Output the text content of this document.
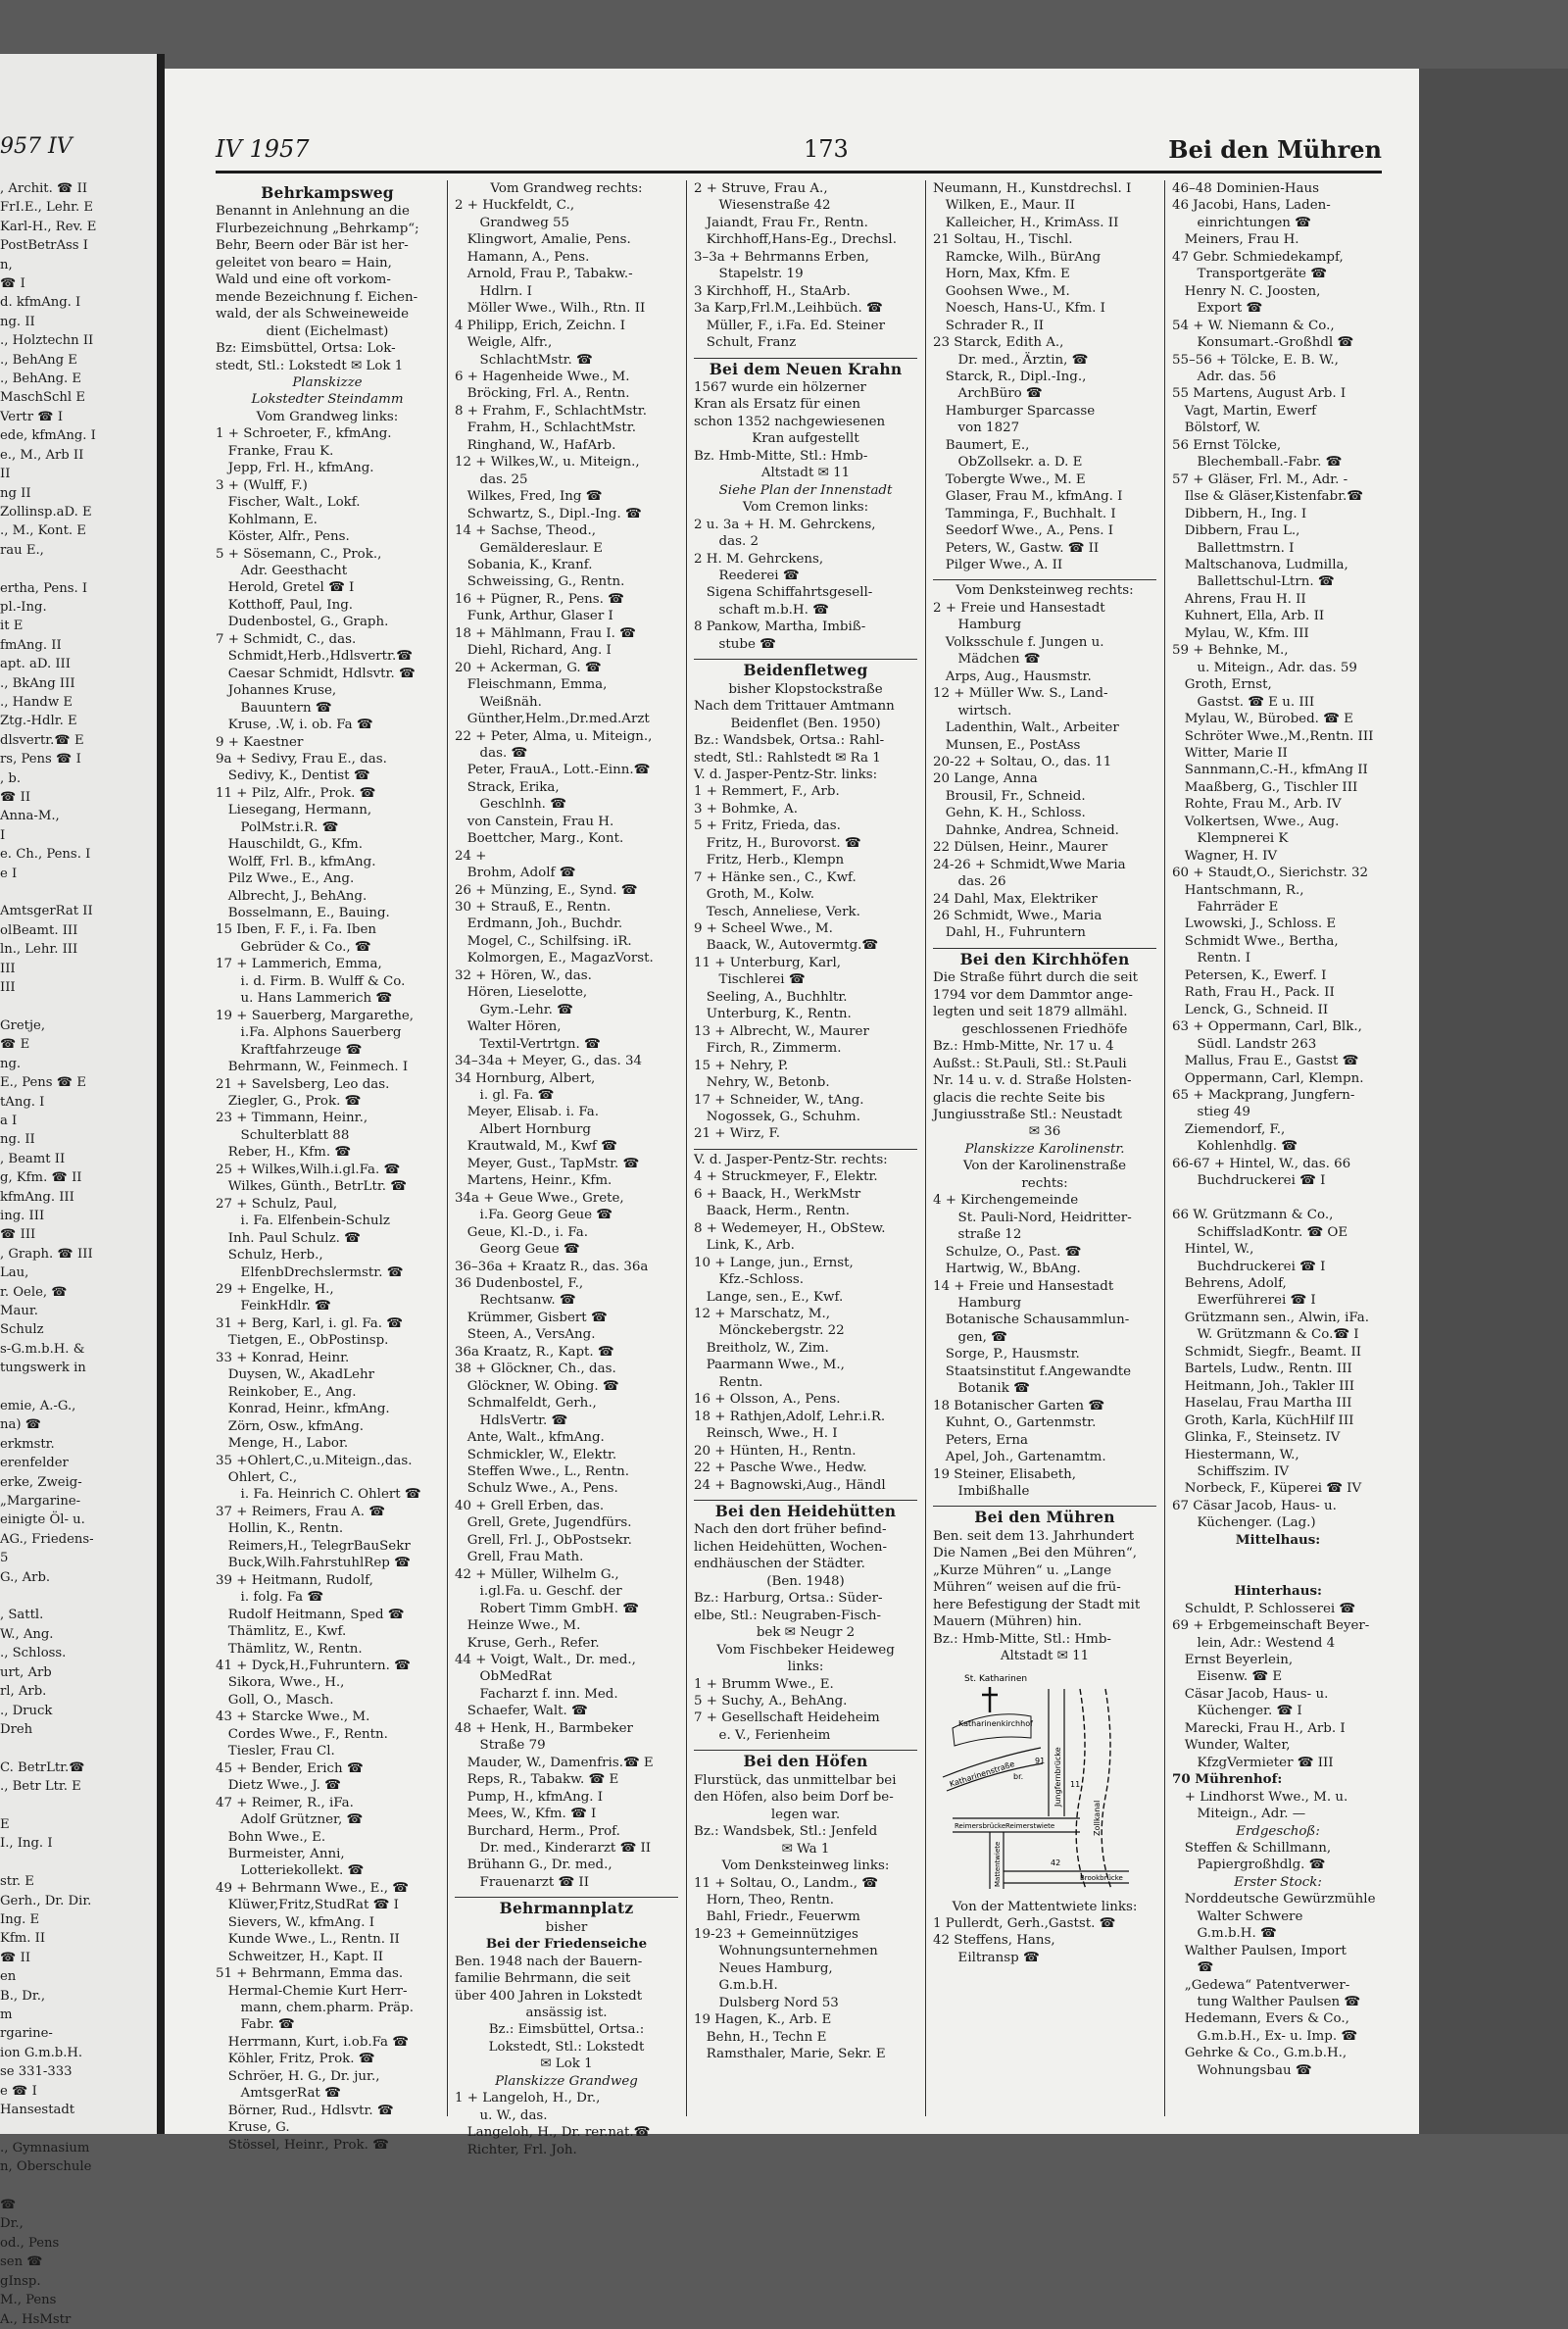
957 IV
, Archit. ☎ II
FrI.E., Lehr. E
Karl-H., Rev. E
PostBetrAss I
n,
☎ I
d. kfmAng. I
ng. II
., Holztechn II
., BehAng E
., BehAng. E
MaschSchl E
Vertr ☎ I
ede, kfmAng. I
e., M., Arb II
II
ng II
Zollinsp.aD. E
., M., Kont. E
rau E.,

ertha, Pens. I
pl.-Ing.
it E
fmAng. II
apt. aD. III
., BkAng III
., Handw E
Ztg.-Hdlr. E
dlsvertr.☎ E
rs, Pens ☎ I
, b.
☎ II
Anna-M.,
I
e. Ch., Pens. I
e I

AmtsgerRat II
olBeamt. III
ln., Lehr. III
III
III

Gretje,
☎ E
ng.
E., Pens ☎ E
tAng. I
a I
ng. II
, Beamt II
g, Kfm. ☎ II
kfmAng. III
ing. III
☎ III
, Graph. ☎ III
Lau,
r. Oele, ☎
Maur.
Schulz
s-G.m.b.H. &
tungswerk in

emie, A.-G.,
na) ☎
erkmstr.
erenfelder
erke, Zweig-
„Margarine-
einigte Öl- u.
AG., Friedens-
5
G., Arb.

, Sattl.
W., Ang.
., Schloss.
urt, Arb
rl, Arb.
., Druck
Dreh

C. BetrLtr.☎
., Betr Ltr. E

E
I., Ing. I

str. E
Gerh., Dr. Dir.
Ing. E
Kfm. II
☎ II
en
B., Dr.,
m
rgarine-
ion G.m.b.H.
se 331-333
e ☎ I
Hansestadt

., Gymnasium
n, Oberschule

☎
Dr.,
od., Pens
sen ☎
gInsp.
M., Pens
A., HsMstr
IV 1957	173	Bei den Mühren
Behrkampsweg
Benannt in Anlehnung an die
Flurbezeichnung „Behrkamp“;
Behr, Beern oder Bär ist her-
geleitet von bearo = Hain,
Wald und eine oft vorkom-
mende Bezeichnung f. Eichen-
wald, der als Schweineweide
dient (Eichelmast)
Bz: Eimsbüttel, Ortsa: Lok-
stedt, Stl.: Lokstedt ✉ Lok 1
Planskizze
Lokstedter Steindamm
Vom Grandweg links:
1 + Schroeter, F., kfmAng.
Franke, Frau K.
Jepp, Frl. H., kfmAng.
3 + (Wulff, F.)
Fischer, Walt., Lokf.
Kohlmann, E.
Köster, Alfr., Pens.
5 + Sösemann, C., Prok.,
Adr. Geesthacht
Herold, Gretel ☎ I
Kotthoff, Paul, Ing.
Dudenbostel, G., Graph.
7 + Schmidt, C., das.
Schmidt,Herb.,Hdlsvertr.☎
Caesar Schmidt, Hdlsvtr. ☎
Johannes Kruse,
Bauuntern ☎
Kruse, .W, i. ob. Fa ☎
9 + Kaestner
9a + Sedivy, Frau E., das.
Sedivy, K., Dentist ☎
11 + Pilz, Alfr., Prok. ☎
Liesegang, Hermann,
PolMstr.i.R. ☎
Hauschildt, G., Kfm.
Wolff, Frl. B., kfmAng.
Pilz Wwe., E., Ang.
Albrecht, J., BehAng.
Bosselmann, E., Bauing.
15 Iben, F. F., i. Fa. Iben
Gebrüder & Co., ☎
17 + Lammerich, Emma,
i. d. Firm. B. Wulff & Co.
u. Hans Lammerich ☎
19 + Sauerberg, Margarethe,
i.Fa. Alphons Sauerberg
Kraftfahrzeuge ☎
Behrmann, W., Feinmech. I
21 + Savelsberg, Leo das.
Ziegler, G., Prok. ☎
23 + Timmann, Heinr.,
Schulterblatt 88
Reber, H., Kfm. ☎
25 + Wilkes,Wilh.i.gl.Fa. ☎
Wilkes, Günth., BetrLtr. ☎
27 + Schulz, Paul,
i. Fa. Elfenbein-Schulz
Inh. Paul Schulz. ☎
Schulz, Herb.,
ElfenbDrechslermstr. ☎
29 + Engelke, H.,
FeinkHdlr. ☎
31 + Berg, Karl, i. gl. Fa. ☎
Tietgen, E., ObPostinsp.
33 + Konrad, Heinr.
Duysen, W., AkadLehr
Reinkober, E., Ang.
Konrad, Heinr., kfmAng.
Zörn, Osw., kfmAng.
Menge, H., Labor.
35 +Ohlert,C.,u.Miteign.,das.
Ohlert, C.,
i. Fa. Heinrich C. Ohlert ☎
37 + Reimers, Frau A. ☎
Hollin, K., Rentn.
Reimers,H., TelegrBauSekr
Buck,Wilh.FahrstuhlRep ☎
39 + Heitmann, Rudolf,
i. folg. Fa ☎
Rudolf Heitmann, Sped ☎
Thämlitz, E., Kwf.
Thämlitz, W., Rentn.
41 + Dyck,H.,Fuhruntern. ☎
Sikora, Wwe., H.,
Goll, O., Masch.
43 + Starcke Wwe., M.
Cordes Wwe., F., Rentn.
Tiesler, Frau Cl.
45 + Bender, Erich ☎
Dietz Wwe., J. ☎
47 + Reimer, R., iFa.
Adolf Grützner, ☎
Bohn Wwe., E.
Burmeister, Anni,
Lotteriekollekt. ☎
49 + Behrmann Wwe., E., ☎
Klüwer,Fritz,StudRat ☎ I
Sievers, W., kfmAng. I
Kunde Wwe., L., Rentn. II
Schweitzer, H., Kapt. II
51 + Behrmann, Emma das.
Hermal-Chemie Kurt Herr-
mann, chem.pharm. Präp.
Fabr. ☎
Herrmann, Kurt, i.ob.Fa ☎
Köhler, Fritz, Prok. ☎
Schröer, H. G., Dr. jur.,
AmtsgerRat ☎
Börner, Rud., Hdlsvtr. ☎
Kruse, G.
Stössel, Heinr., Prok. ☎
Vom Grandweg rechts:
2 + Huckfeldt, C.,
Grandweg 55
Klingwort, Amalie, Pens.
Hamann, A., Pens.
Arnold, Frau P., Tabakw.-
Hdlrn. I
Möller Wwe., Wilh., Rtn. II
4 Philipp, Erich, Zeichn. I
Weigle, Alfr.,
SchlachtMstr. ☎
6 + Hagenheide Wwe., M.
Bröcking, Frl. A., Rentn.
8 + Frahm, F., SchlachtMstr.
Frahm, H., SchlachtMstr.
Ringhand, W., HafArb.
12 + Wilkes,W., u. Miteign.,
das. 25
Wilkes, Fred, Ing ☎
Schwartz, S., Dipl.-Ing. ☎
14 + Sachse, Theod.,
Gemäldereslaur. E
Sobania, K., Kranf.
Schweissing, G., Rentn.
16 + Pügner, R., Pens. ☎
Funk, Arthur, Glaser I
18 + Mählmann, Frau I. ☎
Diehl, Richard, Ang. I
20 + Ackerman, G. ☎
Fleischmann, Emma,
Weißnäh.
Günther,Helm.,Dr.med.Arzt
22 + Peter, Alma, u. Miteign.,
das. ☎
Peter, FrauA., Lott.-Einn.☎
Strack, Erika,
Geschlnh. ☎
von Canstein, Frau H.
Boettcher, Marg., Kont.
24 +
Brohm, Adolf ☎
26 + Münzing, E., Synd. ☎
30 + Strauß, E., Rentn.
Erdmann, Joh., Buchdr.
Mogel, C., Schilfsing. iR.
Kolmorgen, E., MagazVorst.
32 + Hören, W., das.
Hören, Lieselotte,
Gym.-Lehr. ☎
Walter Hören,
Textil-Vertrtgn. ☎
34–34a + Meyer, G., das. 34
34 Hornburg, Albert,
i. gl. Fa. ☎
Meyer, Elisab. i. Fa.
Albert Hornburg
Krautwald, M., Kwf ☎
Meyer, Gust., TapMstr. ☎
Martens, Heinr., Kfm.
34a + Geue Wwe., Grete,
i.Fa. Georg Geue ☎
Geue, Kl.-D., i. Fa.
Georg Geue ☎
36–36a + Kraatz R., das. 36a
36 Dudenbostel, F.,
Rechtsanw. ☎
Krümmer, Gisbert ☎
Steen, A., VersAng.
36a Kraatz, R., Kapt. ☎
38 + Glöckner, Ch., das.
Glöckner, W. Obing. ☎
Schmalfeldt, Gerh.,
HdlsVertr. ☎
Ante, Walt., kfmAng.
Schmickler, W., Elektr.
Steffen Wwe., L., Rentn.
Schulz Wwe., A., Pens.
40 + Grell Erben, das.
Grell, Grete, Jugendfürs.
Grell, Frl. J., ObPostsekr.
Grell, Frau Math.
42 + Müller, Wilhelm G.,
i.gl.Fa. u. Geschf. der
Robert Timm GmbH. ☎
Heinze Wwe., M.
Kruse, Gerh., Refer.
44 + Voigt, Walt., Dr. med.,
ObMedRat
Facharzt f. inn. Med.
Schaefer, Walt. ☎
48 + Henk, H., Barmbeker
Straße 79
Mauder, W., Damenfris.☎ E
Reps, R., Tabakw. ☎ E
Pump, H., kfmAng. I
Mees, W., Kfm. ☎ I
Burchard, Herm., Prof.
Dr. med., Kinderarzt ☎ II
Brühann G., Dr. med.,
Frauenarzt ☎ II
Behrmannplatz
bisher
Bei der Friedenseiche
Ben. 1948 nach der Bauern-
familie Behrmann, die seit
über 400 Jahren in Lokstedt
ansässig ist.
Bz.: Eimsbüttel, Ortsa.:
Lokstedt, Stl.: Lokstedt
✉ Lok 1
Planskizze Grandweg
1 + Langeloh, H., Dr.,
u. W., das.
Langeloh, H., Dr. rer.nat.☎
Richter, Frl. Joh.
2 + Struve, Frau A.,
Wiesenstraße 42
Jaiandt, Frau Fr., Rentn.
Kirchhoff,Hans-Eg., Drechsl.
3–3a + Behrmanns Erben,
Stapelstr. 19
3 Kirchhoff, H., StaArb.
3a Karp,Frl.M.,Leihbüch. ☎
Müller, F., i.Fa. Ed. Steiner
Schult, Franz
Bei dem Neuen Krahn
1567 wurde ein hölzerner
Kran als Ersatz für einen
schon 1352 nachgewiesenen
Kran aufgestellt
Bz. Hmb-Mitte, Stl.: Hmb-
Altstadt ✉ 11
Siehe Plan der Innenstadt
Vom Cremon links:
2 u. 3a + H. M. Gehrckens,
das. 2
2 H. M. Gehrckens,
Reederei ☎
Sigena Schiffahrtsgesell-
schaft m.b.H. ☎
8 Pankow, Martha, Imbiß-
stube ☎
Beidenfletweg
bisher Klopstockstraße
Nach dem Trittauer Amtmann
Beidenflet (Ben. 1950)
Bz.: Wandsbek, Ortsa.: Rahl-
stedt, Stl.: Rahlstedt ✉ Ra 1
V. d. Jasper-Pentz-Str. links:
1 + Remmert, F., Arb.
3 + Bohmke, A.
5 + Fritz, Frieda, das.
Fritz, H., Burovorst. ☎
Fritz, Herb., Klempn
7 + Hänke sen., C., Kwf.
Groth, M., Kolw.
Tesch, Anneliese, Verk.
9 + Scheel Wwe., M.
Baack, W., Autovermtg.☎
11 + Unterburg, Karl,
Tischlerei ☎
Seeling, A., Buchhltr.
Unterburg, K., Rentn.
13 + Albrecht, W., Maurer
Firch, R., Zimmerm.
15 + Nehry, P.
Nehry, W., Betonb.
17 + Schneider, W., tAng.
Nogossek, G., Schuhm.
21 + Wirz, F.
V. d. Jasper-Pentz-Str. rechts:
4 + Struckmeyer, F., Elektr.
6 + Baack, H., WerkMstr
Baack, Herm., Rentn.
8 + Wedemeyer, H., ObStew.
Link, K., Arb.
10 + Lange, jun., Ernst,
Kfz.-Schloss.
Lange, sen., E., Kwf.
12 + Marschatz, M.,
Mönckebergstr. 22
Breitholz, W., Zim.
Paarmann Wwe., M.,
Rentn.
16 + Olsson, A., Pens.
18 + Rathjen,Adolf, Lehr.i.R.
Reinsch, Wwe., H. I
20 + Hünten, H., Rentn.
22 + Pasche Wwe., Hedw.
24 + Bagnowski,Aug., Händl
Bei den Heidehütten
Nach den dort früher befind-
lichen Heidehütten, Wochen-
endhäuschen der Städter.
(Ben. 1948)
Bz.: Harburg, Ortsa.: Süder-
elbe, Stl.: Neugraben-Fisch-
bek ✉ Neugr 2
Vom Fischbeker Heideweg
links:
1 + Brumm Wwe., E.
5 + Suchy, A., BehAng.
7 + Gesellschaft Heideheim
e. V., Ferienheim
Bei den Höfen
Flurstück, das unmittelbar bei
den Höfen, also beim Dorf be-
legen war.
Bz.: Wandsbek, Stl.: Jenfeld
✉ Wa 1
Vom Denksteinweg links:
11 + Soltau, O., Landm., ☎
Horn, Theo, Rentn.
Bahl, Friedr., Feuerwm
19-23 + Gemeinnütziges
Wohnungsunternehmen
Neues Hamburg,
G.m.b.H.
Dulsberg Nord 53
19 Hagen, K., Arb. E
Behn, H., Techn E
Ramsthaler, Marie, Sekr. E
Neumann, H., Kunstdrechsl. I
Wilken, E., Maur. II
Kalleicher, H., KrimAss. II
21 Soltau, H., Tischl.
Ramcke, Wilh., BürAng
Horn, Max, Kfm. E
Goohsen Wwe., M.
Noesch, Hans-U., Kfm. I
Schrader R., II
23 Starck, Edith A.,
Dr. med., Ärztin, ☎
Starck, R., Dipl.-Ing.,
ArchBüro ☎
Hamburger Sparcasse
von 1827
Baumert, E.,
ObZollsekr. a. D. E
Tobergte Wwe., M. E
Glaser, Frau M., kfmAng. I
Tamminga, F., Buchhalt. I
Seedorf Wwe., A., Pens. I
Peters, W., Gastw. ☎ II
Pilger Wwe., A. II
Vom Denksteinweg rechts:
2 + Freie und Hansestadt
Hamburg
Volksschule f. Jungen u.
Mädchen ☎
Arps, Aug., Hausmstr.
12 + Müller Ww. S., Land-
wirtsch.
Ladenthin, Walt., Arbeiter
Munsen, E., PostAss
20-22 + Soltau, O., das. 11
20 Lange, Anna
Brousil, Fr., Schneid.
Gehn, K. H., Schloss.
Dahnke, Andrea, Schneid.
22 Dülsen, Heinr., Maurer
24-26 + Schmidt,Wwe Maria
das. 26
24 Dahl, Max, Elektriker
26 Schmidt, Wwe., Maria
Dahl, H., Fuhruntern
Bei den Kirchhöfen
Die Straße führt durch die seit
1794 vor dem Dammtor ange-
legten und seit 1879 allmähl.
geschlossenen Friedhöfe
Bz.: Hmb-Mitte, Nr. 17 u. 4
Außst.: St.Pauli, Stl.: St.Pauli
Nr. 14 u. v. d. Straße Holsten-
glacis die rechte Seite bis
Jungiusstraße Stl.: Neustadt
✉ 36
Planskizze Karolinenstr.
Von der Karolinenstraße
rechts:
4 + Kirchengemeinde
St. Pauli-Nord, Heidritter-
straße 12
Schulze, O., Past. ☎
Hartwig, W., BbAng.
14 + Freie und Hansestadt
Hamburg
Botanische Schausammlun-
gen, ☎
Sorge, P., Hausmstr.
Staatsinstitut f.Angewandte
Botanik ☎
18 Botanischer Garten ☎
Kuhnt, O., Gartenmstr.
Peters, Erna
Apel, Joh., Gartenamtm.
19 Steiner, Elisabeth,
Imbißhalle
Bei den Mühren
Ben. seit dem 13. Jahrhundert
Die Namen „Bei den Mühren“,
„Kurze Mühren“ u. „Lange
Mühren“ weisen auf die frü-
here Befestigung der Stadt mit
Mauern (Mühren) hin.
Bz.: Hmb-Mitte, Stl.: Hmb-
Altstadt ✉ 11
St. Katharinen
Katharinenkirchhof
Katharinenstraße	Jungfernbrücke
Zollkanal
Reimerstwiete
Reimersbrücke
Mattentwiete	Brookbrücke
91
11
42
br.
Von der Mattentwiete links:
1 Pullerdt, Gerh.,Gastst. ☎
42 Steffens, Hans,
Eiltransp ☎
46–48 Dominien-Haus
46 Jacobi, Hans, Laden-
einrichtungen ☎
Meiners, Frau H.
47 Gebr. Schmiedekampf,
Transportgeräte ☎
Henry N. C. Joosten,
Export ☎
54 + W. Niemann & Co.,
Konsumart.-Großhdl ☎
55–56 + Tölcke, E. B. W.,
Adr. das. 56
55 Martens, August Arb. I
Vagt, Martin, Ewerf
Bölstorf, W.
56 Ernst Tölcke,
Blechemball.-Fabr. ☎
57 + Gläser, Frl. M., Adr. -
Ilse & Gläser,Kistenfabr.☎
Dibbern, H., Ing. I
Dibbern, Frau L.,
Ballettmstrn. I
Maltschanova, Ludmilla,
Ballettschul-Ltrn. ☎
Ahrens, Frau H. II
Kuhnert, Ella, Arb. II
Mylau, W., Kfm. III
59 + Behnke, M.,
u. Miteign., Adr. das. 59
Groth, Ernst,
Gastst. ☎ E u. III
Mylau, W., Bürobed. ☎ E
Schröter Wwe.,M.,Rentn. III
Witter, Marie II
Sannmann,C.-H., kfmAng II
Maaßberg, G., Tischler III
Rohte, Frau M., Arb. IV
Volkertsen, Wwe., Aug.
Klempnerei K
Wagner, H. IV
60 + Staudt,O., Sierichstr. 32
Hantschmann, R.,
Fahrräder E
Lwowski, J., Schloss. E
Schmidt Wwe., Bertha,
Rentn. I
Petersen, K., Ewerf. I
Rath, Frau H., Pack. II
Lenck, G., Schneid. II
63 + Oppermann, Carl, Blk.,
Südl. Landstr 263
Mallus, Frau E., Gastst ☎
Oppermann, Carl, Klempn.
65 + Mackprang, Jungfern-
stieg 49
Ziemendorf, F.,
Kohlenhdlg. ☎
66-67 + Hintel, W., das. 66
Buchdruckerei ☎ I

66 W. Grützmann & Co.,
SchiffsladKontr. ☎ OE
Hintel, W.,
Buchdruckerei ☎ I
Behrens, Adolf,
Ewerführerei ☎ I
Grützmann sen., Alwin, iFa.
W. Grützmann & Co.☎ I
Schmidt, Siegfr., Beamt. II
Bartels, Ludw., Rentn. III
Heitmann, Joh., Takler III
Haselau, Frau Martha III
Groth, Karla, KüchHilf III
Glinka, F., Steinsetz. IV
Hiestermann, W.,
Schiffszim. IV
Norbeck, F., Küperei ☎ IV
67 Cäsar Jacob, Haus- u.
Küchenger. (Lag.)
Mittelhaus:

Hinterhaus:
Schuldt, P. Schlosserei ☎
69 + Erbgemeinschaft Beyer-
lein, Adr.: Westend 4
Ernst Beyerlein,
Eisenw. ☎ E
Cäsar Jacob, Haus- u.
Küchenger. ☎ I
Marecki, Frau H., Arb. I
Wunder, Walter,
KfzgVermieter ☎ III
70 Mührenhof:
+ Lindhorst Wwe., M. u.
Miteign., Adr. —
Erdgeschoß:
Steffen & Schillmann,
Papiergroßhdlg. ☎
Erster Stock:
Norddeutsche Gewürzmühle
Walter Schwere
G.m.b.H. ☎
Walther Paulsen, Import
☎
„Gedewa“ Patentverwer-
tung Walther Paulsen ☎
Hedemann, Evers & Co.,
G.m.b.H., Ex- u. Imp. ☎
Gehrke & Co., G.m.b.H.,
Wohnungsbau ☎
